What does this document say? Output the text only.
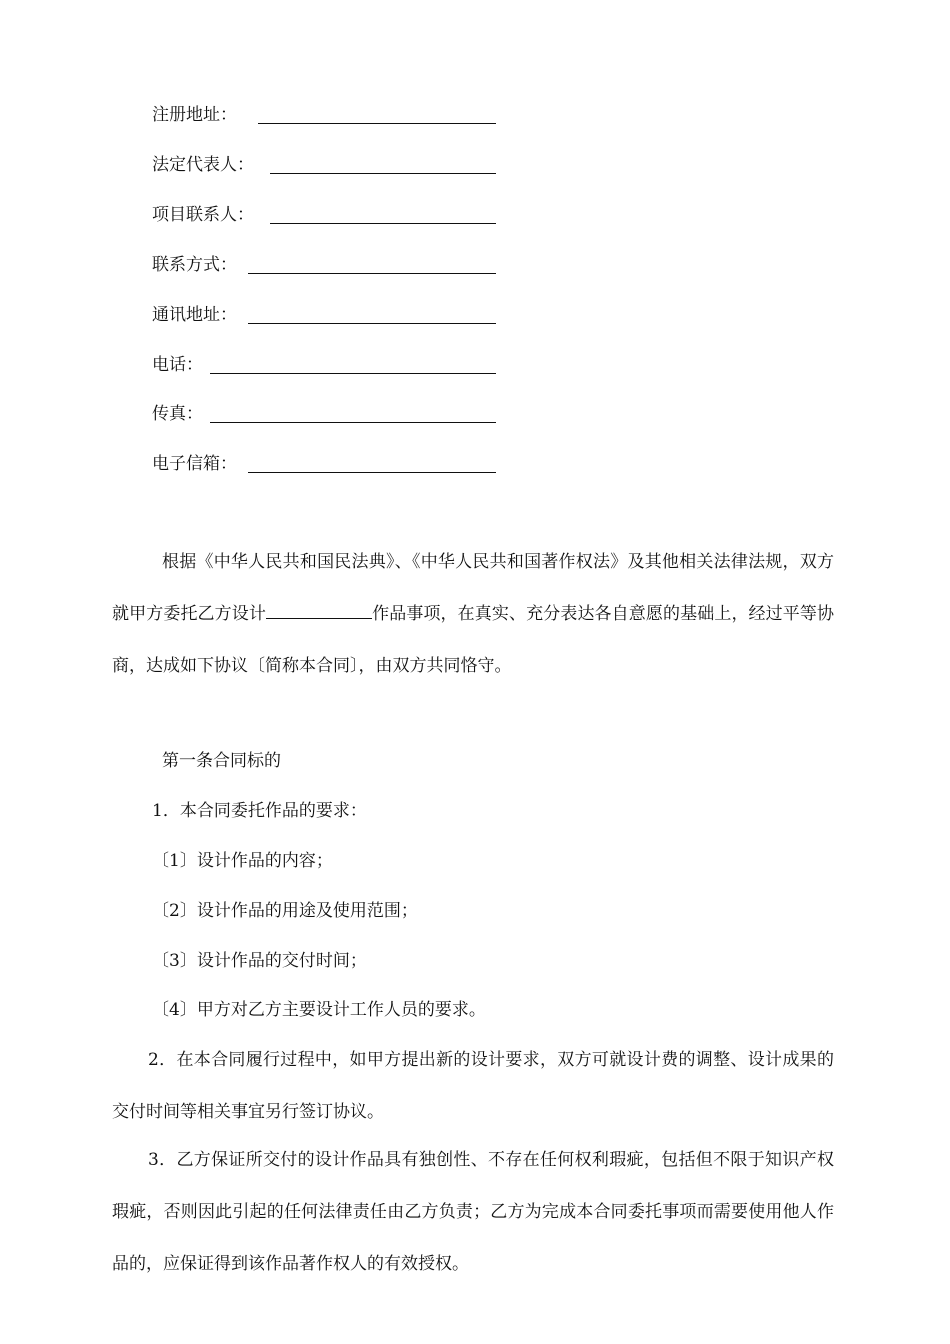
注册地址：
法定代表人：
项目联系人：
联系方式：
通讯地址：
电话：
传真：
电子信箱：

根据《中华人民共和国民法典》、《中华人民共和国著作权法》及其他相关法律法规，双方就甲方委托乙方设计	作品事项，在真实、充分表达各自意愿的基础上，经过平等协商，达成如下协议〔简称本合同〕，由双方共同恪守。

第一条合同标的
1．本合同委托作品的要求：
〔1〕设计作品的内容；
〔2〕设计作品的用途及使用范围；
〔3〕设计作品的交付时间；
〔4〕甲方对乙方主要设计工作人员的要求。

2．在本合同履行过程中，如甲方提出新的设计要求，双方可就设计费的调整、设计成果的交付时间等相关事宜另行签订协议。

3．乙方保证所交付的设计作品具有独创性、不存在任何权利瑕疵，包括但不限于知识产权瑕疵，否则因此引起的任何法律责任由乙方负责；乙方为完成本合同委托事项而需要使用他人作品的，应保证得到该作品著作权人的有效授权。
